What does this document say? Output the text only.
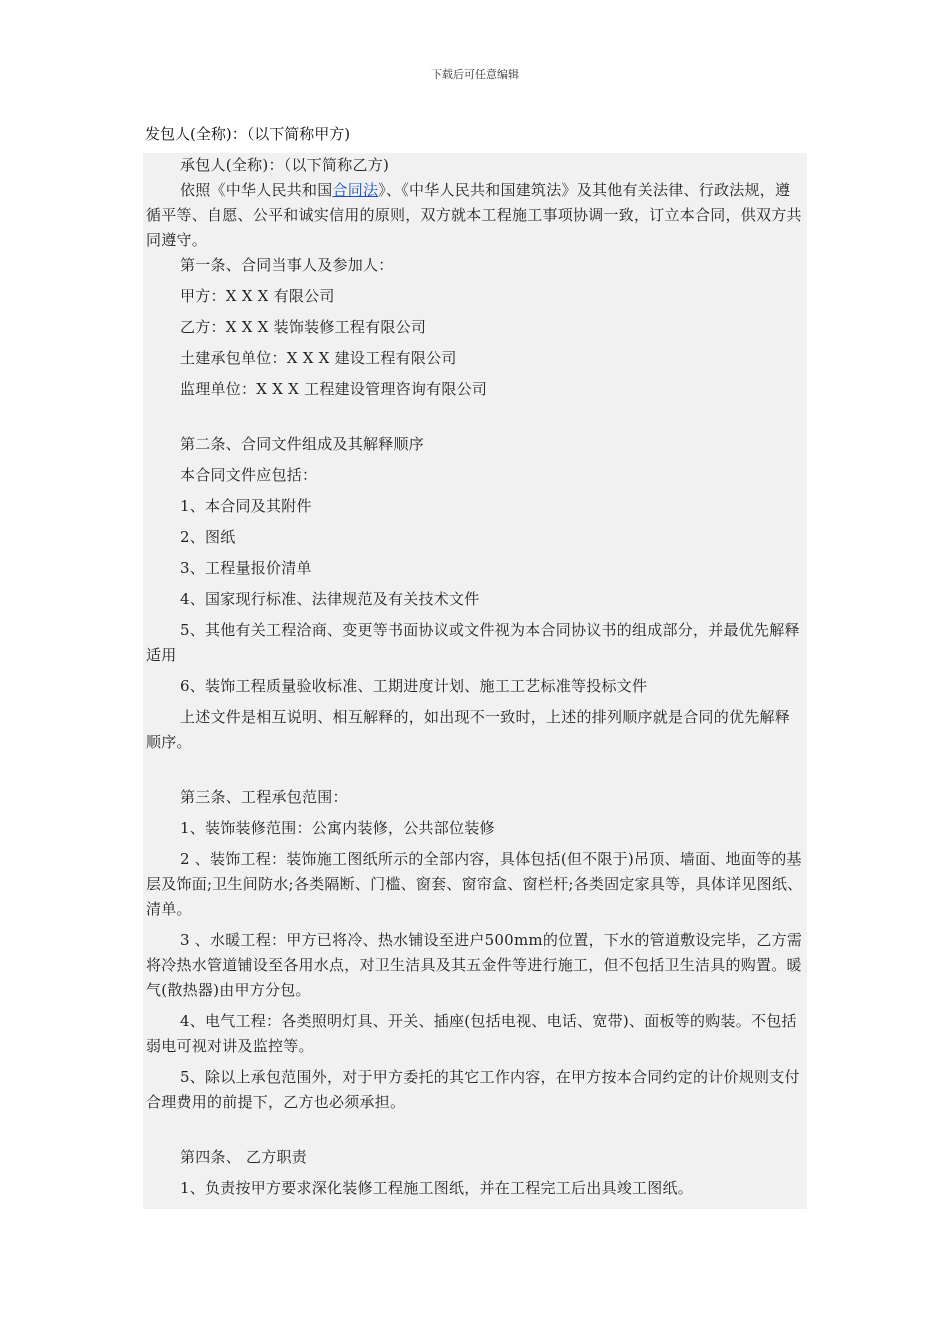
下载后可任意编辑
发包人(全称)：（以下简称甲方)

承包人(全称)：（以下简称乙方)

依照《中华人民共和国合同法》、《中华人民共和国建筑法》及其他有关法律、行政法规，遵循平等、自愿、公平和诚实信用的原则，双方就本工程施工事项协调一致，订立本合同，供双方共同遵守。

第一条、合同当事人及参加人：

甲方：X X X 有限公司

乙方：X X X 装饰装修工程有限公司

土建承包单位：X X X 建设工程有限公司

监理单位：X X X 工程建设管理咨询有限公司

第二条、合同文件组成及其解释顺序

本合同文件应包括：

1、本合同及其附件

2、图纸

3、工程量报价清单

4、国家现行标准、法律规范及有关技术文件

5、其他有关工程洽商、变更等书面协议或文件视为本合同协议书的组成部分，并最优先解释适用

6、装饰工程质量验收标准、工期进度计划、施工工艺标准等投标文件

上述文件是相互说明、相互解释的，如出现不一致时，上述的排列顺序就是合同的优先解释顺序。

第三条、工程承包范围：

1、装饰装修范围：公寓内装修，公共部位装修

2 、装饰工程：装饰施工图纸所示的全部内容，具体包括(但不限于)吊顶、墙面、地面等的基层及饰面;卫生间防水;各类隔断、门槛、窗套、窗帘盒、窗栏杆;各类固定家具等，具体详见图纸、清单。

3 、水暖工程：甲方已将冷、热水铺设至进户500mm的位置，下水的管道敷设完毕，乙方需将冷热水管道铺设至各用水点，对卫生洁具及其五金件等进行施工，但不包括卫生洁具的购置。暖气(散热器)由甲方分包。

4、电气工程：各类照明灯具、开关、插座(包括电视、电话、宽带)、面板等的购装。不包括弱电可视对讲及监控等。

5、除以上承包范围外，对于甲方委托的其它工作内容，在甲方按本合同约定的计价规则支付合理费用的前提下，乙方也必须承担。

第四条、 乙方职责

1、负责按甲方要求深化装修工程施工图纸，并在工程完工后出具竣工图纸。
